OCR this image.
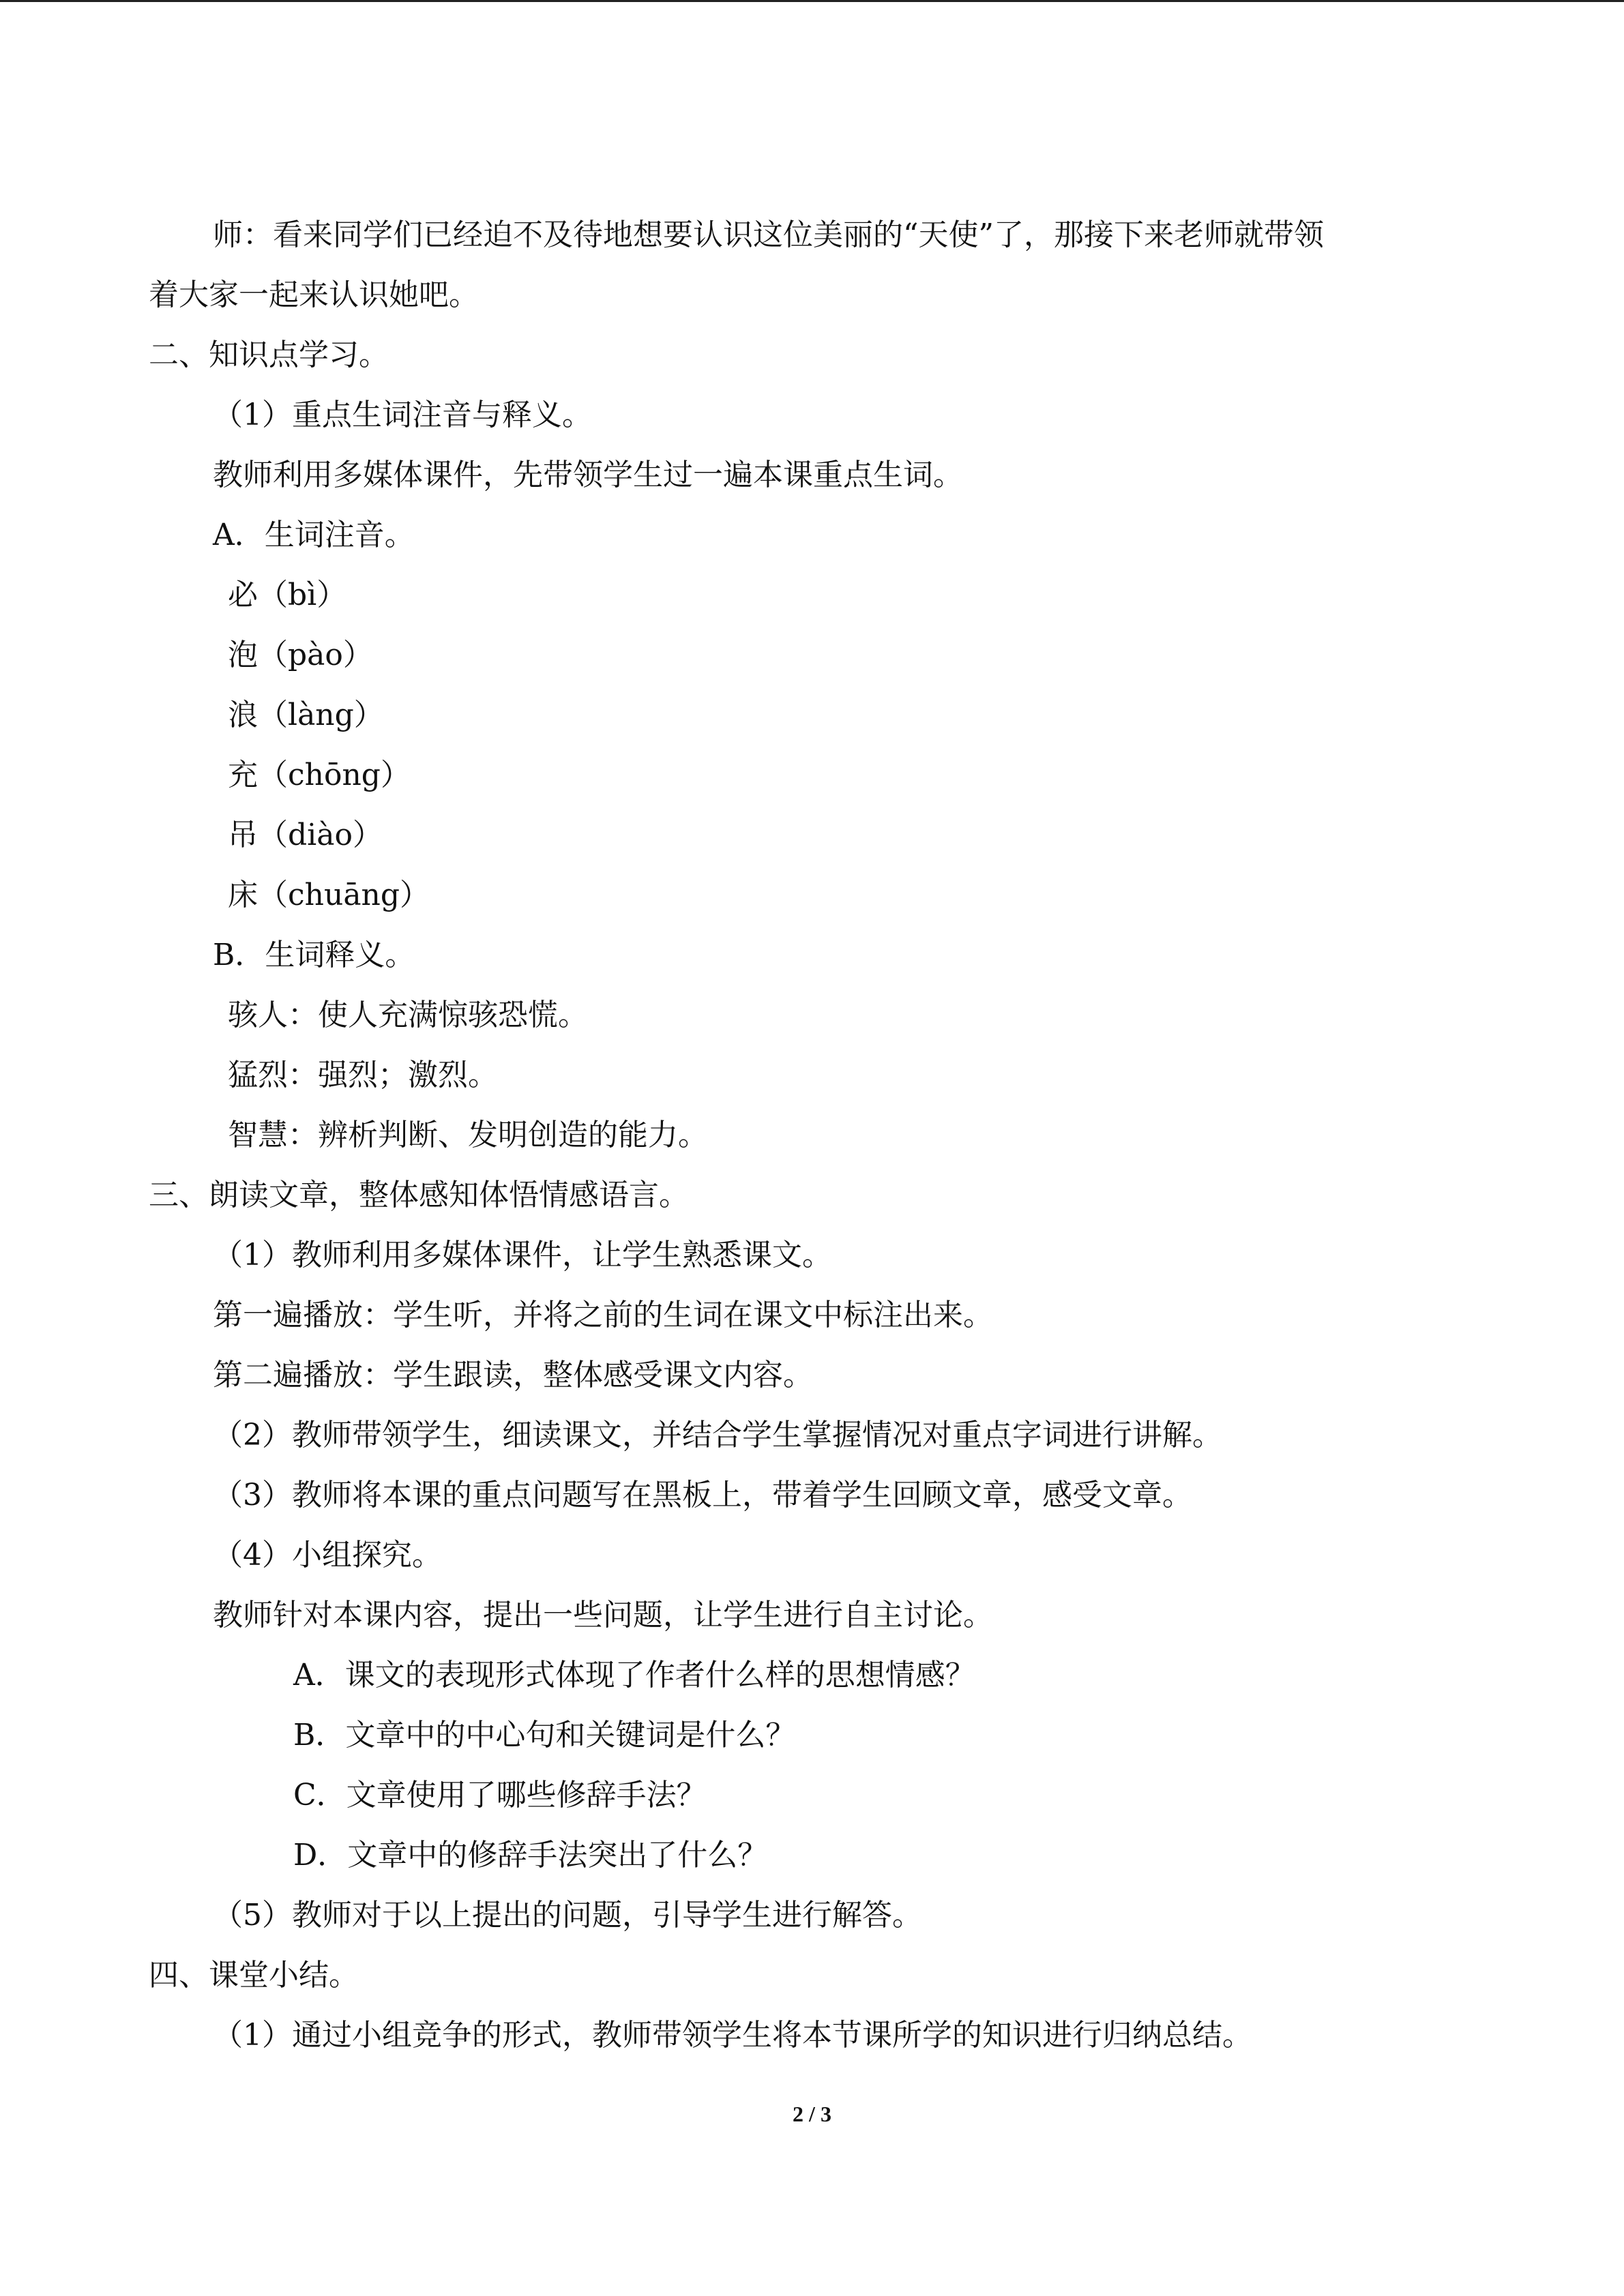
师：看来同学们已经迫不及待地想要认识这位美丽的“天使”了，那接下来老师就带领
着大家一起来认识她吧。
二、知识点学习。
（1）重点生词注音与释义。
教师利用多媒体课件，先带领学生过一遍本课重点生词。
A．生词注音。
必（bì）
泡（pào）
浪（làng）
充（chōng）
吊（diào）
床（chuāng）
B．生词释义。
骇人：使人充满惊骇恐慌。
猛烈：强烈；激烈。
智慧：辨析判断、发明创造的能力。
三、朗读文章，整体感知体悟情感语言。
（1）教师利用多媒体课件，让学生熟悉课文。
第一遍播放：学生听，并将之前的生词在课文中标注出来。
第二遍播放：学生跟读，整体感受课文内容。
（2）教师带领学生，细读课文，并结合学生掌握情况对重点字词进行讲解。
（3）教师将本课的重点问题写在黑板上，带着学生回顾文章，感受文章。
（4）小组探究。
教师针对本课内容，提出一些问题，让学生进行自主讨论。
A．课文的表现形式体现了作者什么样的思想情感？
B．文章中的中心句和关键词是什么？
C．文章使用了哪些修辞手法？
D．文章中的修辞手法突出了什么？
（5）教师对于以上提出的问题，引导学生进行解答。
四、课堂小结。
（1）通过小组竞争的形式，教师带领学生将本节课所学的知识进行归纳总结。
2 / 3
